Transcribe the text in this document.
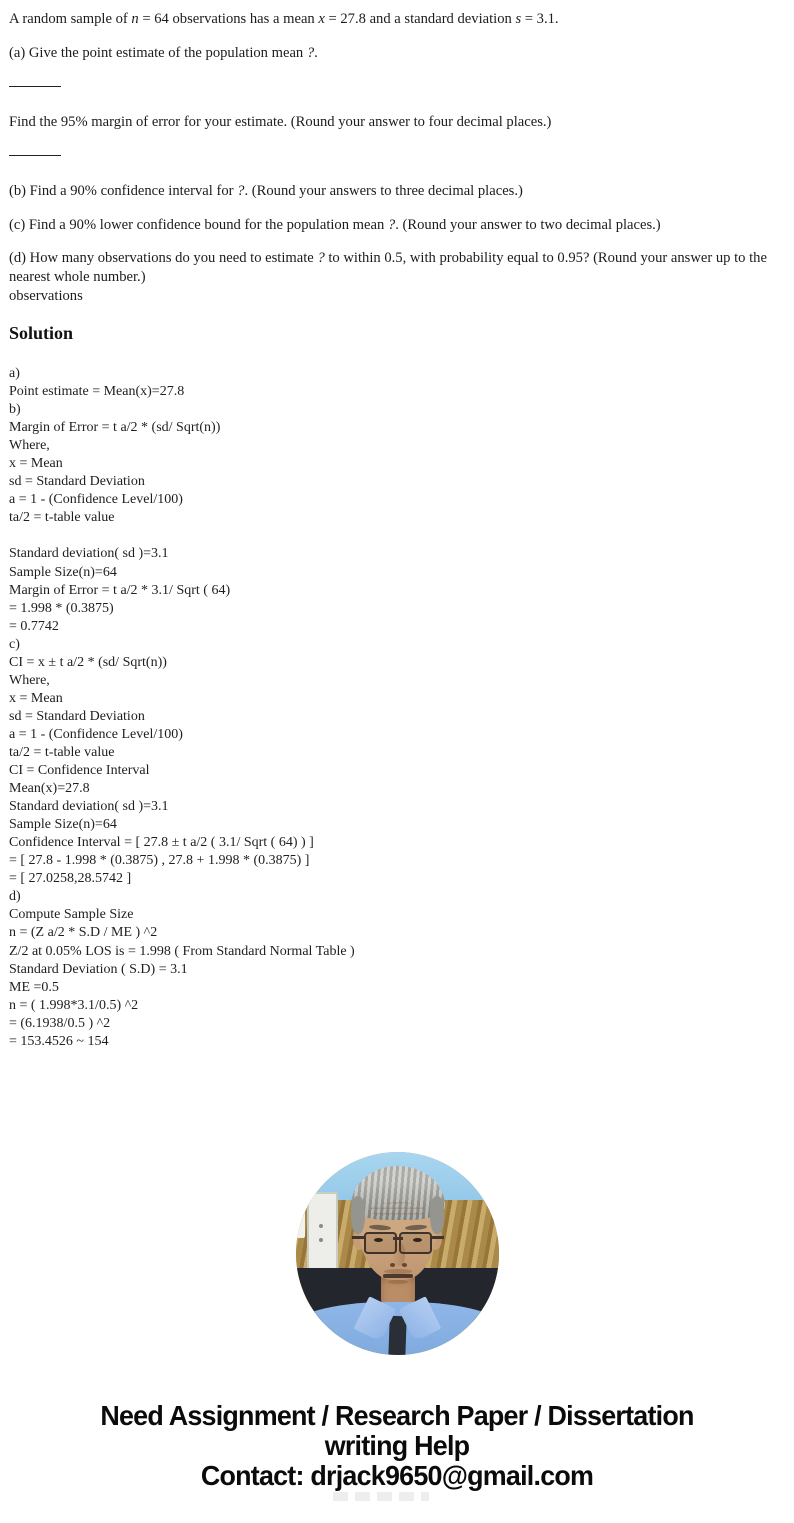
A random sample of n = 64 observations has a mean x = 27.8 and a standard deviation s = 3.1.

(a) Give the point estimate of the population mean ?.

Find the 95% margin of error for your estimate. (Round your answer to four decimal places.)

(b) Find a 90% confidence interval for ?. (Round your answers to three decimal places.)

(c) Find a 90% lower confidence bound for the population mean ?. (Round your answer to two decimal places.)

(d) How many observations do you need to estimate ? to within 0.5, with probability equal to 0.95? (Round your answer up to the nearest whole number.)

observations
Solution
a)
Point estimate = Mean(x)=27.8
b)
Margin of Error = t a/2 * (sd/ Sqrt(n))
Where,
x = Mean
sd = Standard Deviation
a = 1 - (Confidence Level/100)
ta/2 = t-table value
Standard deviation( sd )=3.1
Sample Size(n)=64
Margin of Error = t a/2 * 3.1/ Sqrt ( 64)
= 1.998 * (0.3875)
= 0.7742
c)
CI = x ± t a/2 * (sd/ Sqrt(n))
Where,
x = Mean
sd = Standard Deviation
a = 1 - (Confidence Level/100)
ta/2 = t-table value
CI = Confidence Interval
Mean(x)=27.8
Standard deviation( sd )=3.1
Sample Size(n)=64
Confidence Interval = [ 27.8 ± t a/2 ( 3.1/ Sqrt ( 64) ) ]
= [ 27.8 - 1.998 * (0.3875) , 27.8 + 1.998 * (0.3875) ]
= [ 27.0258,28.5742 ]
d)
Compute Sample Size
n = (Z a/2 * S.D / ME ) ^2
Z/2 at 0.05% LOS is = 1.998 ( From Standard Normal Table )
Standard Deviation ( S.D) = 3.1
ME =0.5
n = ( 1.998*3.1/0.5) ^2
= (6.1938/0.5 ) ^2
= 153.4526 ~ 154
Need Assignment / Research Paper / Dissertation
writing Help
Contact: drjack9650@gmail.com
